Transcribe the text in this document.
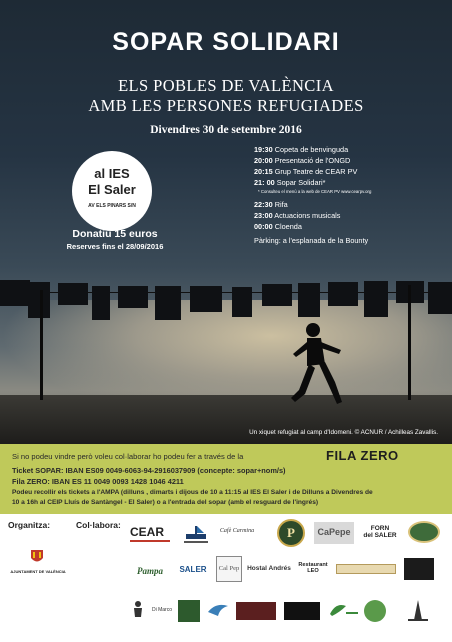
SOPAR SOLIDARI
ELS POBLES DE VALÈNCIA
AMB LES PERSONES REFUGIADES
Divendres 30 de setembre 2016
al IES
El Saler
AV ELS PINARS S/N
Donatiu 15 euros
Reserves fins el 28/09/2016
19:30 Copeta de benvinguda
20:00 Presentació de l'ONGD
20:15 Grup Teatre de CEAR PV
21: 00 Sopar Solidari*
* Consulteu el menú a la web de CEAR PV www.cearpv.org
22:30 Rifa
23:00 Actuacions musicals
00:00 Cloenda
Pàrking: a l'esplanada de la Bounty
Un xiquet refugiat al camp d'Idomeni. © ACNUR / Achilleas Zavallis.
Si no podeu vindre però voleu col·laborar ho podeu fer a través de la
Ticket SOPAR: IBAN ES09 0049-6063-94-2916037909 (concepte: sopar+nom/s)
Fila ZERO: IBAN ES 11 0049 0093 1428 1046 4211
Podeu recollir els tickets a l'AMPA (dilluns , dimarts i dijous de 10 a 11:15 al IES El Saler i de Dilluns a Divendres de
10 a 16h al CEIP Lluís de Santàngel - El Saler) o a l'entrada del sopar (amb el resguard de l'ingrés)
FILA ZERO
Organitza:	Col·labora: CEAR	Cafè Carmina	P	CaPepe	FORN
del SALER
AJUNTAMENT DE VALÈNCIA	Pampa SALER Cal Pep Hostal Andrés Restaurant
LEO
Di Marco
